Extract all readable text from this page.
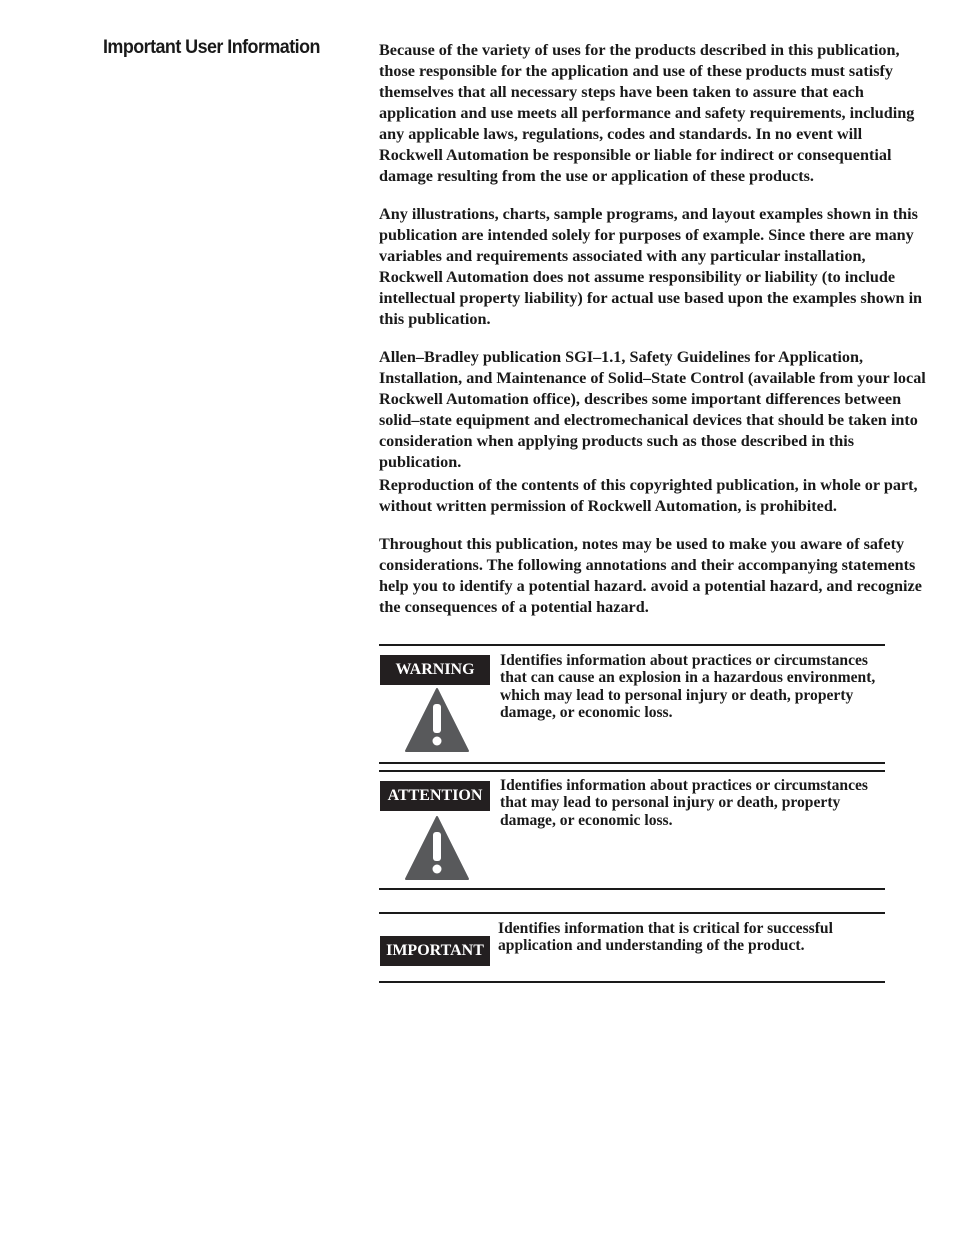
Important User Information	Because of the variety of uses for the products described in this publication, those responsible for the application and use of these products must satisfy themselves that all necessary steps have been taken to assure that each application and use meets all performance and safety requirements, including any applicable laws, regulations, codes and standards. In no event will Rockwell Automation be responsible or liable for indirect or consequential damage resulting from the use or application of these products.

Any illustrations, charts, sample programs, and layout examples shown in this publication are intended solely for purposes of example. Since there are many variables and requirements associated with any particular installation, Rockwell Automation does not assume responsibility or liability (to include intellectual property liability) for actual use based upon the examples shown in this publication.

Allen–Bradley publication SGI–1.1, Safety Guidelines for Application, Installation, and Maintenance of Solid–State Control (available from your local Rockwell Automation office), describes some important differences between solid–state equipment and electromechanical devices that should be taken into consideration when applying products such as those described in this publication.

Reproduction of the contents of this copyrighted publication, in whole or part, without written permission of Rockwell Automation, is prohibited.

Throughout this publication, notes may be used to make you aware of safety considerations. The following annotations and their accompanying statements help you to identify a potential hazard. avoid a potential hazard, and recognize the consequences of a potential hazard.

WARNING
Identifies information about practices or circumstances that can cause an explosion in a hazardous environment, which may lead to personal injury or death, property damage, or economic loss.
ATTENTION
Identifies information about practices or circumstances that may lead to personal injury or death, property damage, or economic loss.
IMPORTANT
Identifies information that is critical for successful application and understanding of the product.
